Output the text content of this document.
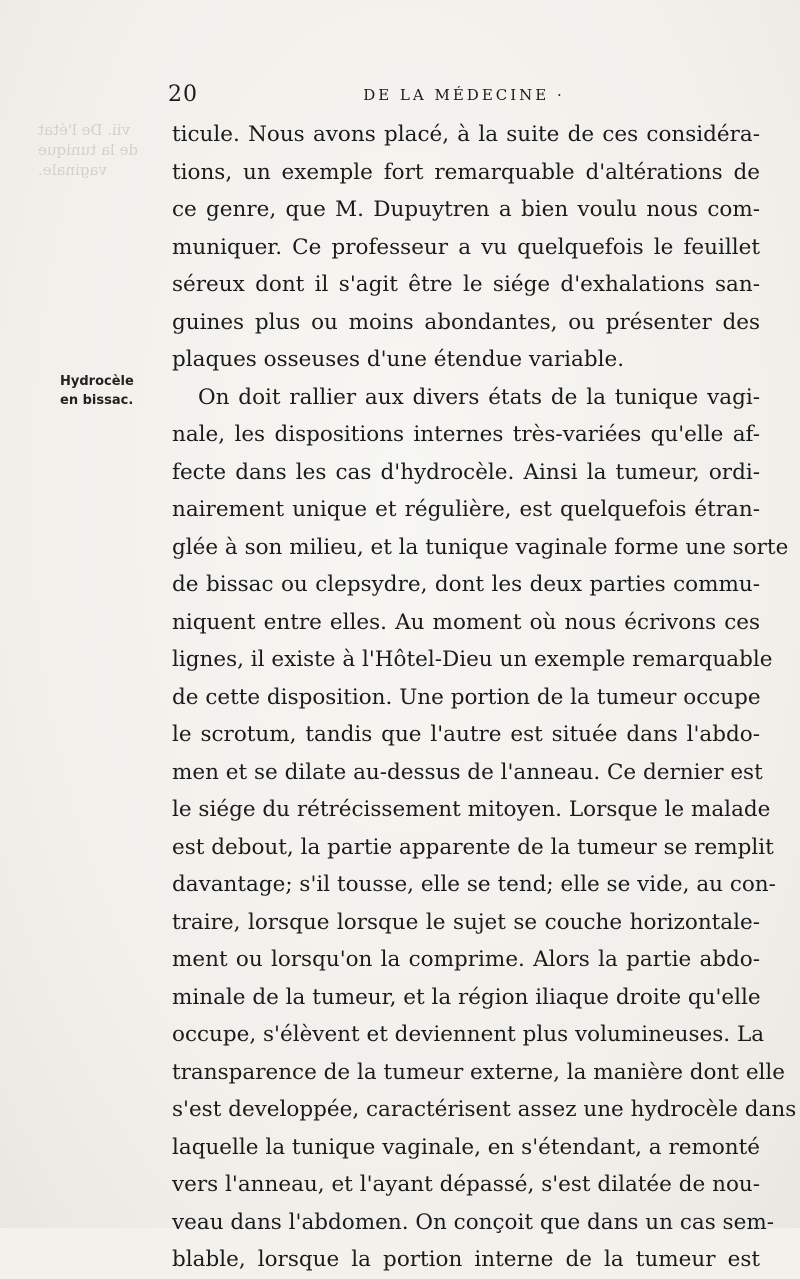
vii. De l'état
de la tunique
vaginale.
20	DE LA MÉDECINE ·
Hydrocèle
en bissac.
ticule. Nous avons placé, à la suite de ces considéra-
tions, un exemple fort remarquable d'altérations de
ce genre, que M. Dupuytren a bien voulu nous com-
muniquer. Ce professeur a vu quelquefois le feuillet
séreux dont il s'agit être le siége d'exhalations san-
guines plus ou moins abondantes, ou présenter des
plaques osseuses d'une étendue variable.
On doit rallier aux divers états de la tunique vagi-
nale, les dispositions internes très-variées qu'elle af-
fecte dans les cas d'hydrocèle. Ainsi la tumeur, ordi-
nairement unique et régulière, est quelquefois étran-
glée à son milieu, et la tunique vaginale forme une sorte
de bissac ou clepsydre, dont les deux parties commu-
niquent entre elles. Au moment où nous écrivons ces
lignes, il existe à l'Hôtel-Dieu un exemple remarquable
de cette disposition. Une portion de la tumeur occupe
le scrotum, tandis que l'autre est située dans l'abdo-
men et se dilate au-dessus de l'anneau. Ce dernier est
le siége du rétrécissement mitoyen. Lorsque le malade
est debout, la partie apparente de la tumeur se remplit
davantage; s'il tousse, elle se tend; elle se vide, au con-
traire, lorsque lorsque le sujet se couche horizontale-
ment ou lorsqu'on la comprime. Alors la partie abdo-
minale de la tumeur, et la région iliaque droite qu'elle
occupe, s'élèvent et deviennent plus volumineuses. La
transparence de la tumeur externe, la manière dont elle
s'est developpée, caractérisent assez une hydrocèle dans
laquelle la tunique vaginale, en s'étendant, a remonté
vers l'anneau, et l'ayant dépassé, s'est dilatée de nou-
veau dans l'abdomen. On conçoit que dans un cas sem-
blable, lorsque la portion interne de la tumeur est
